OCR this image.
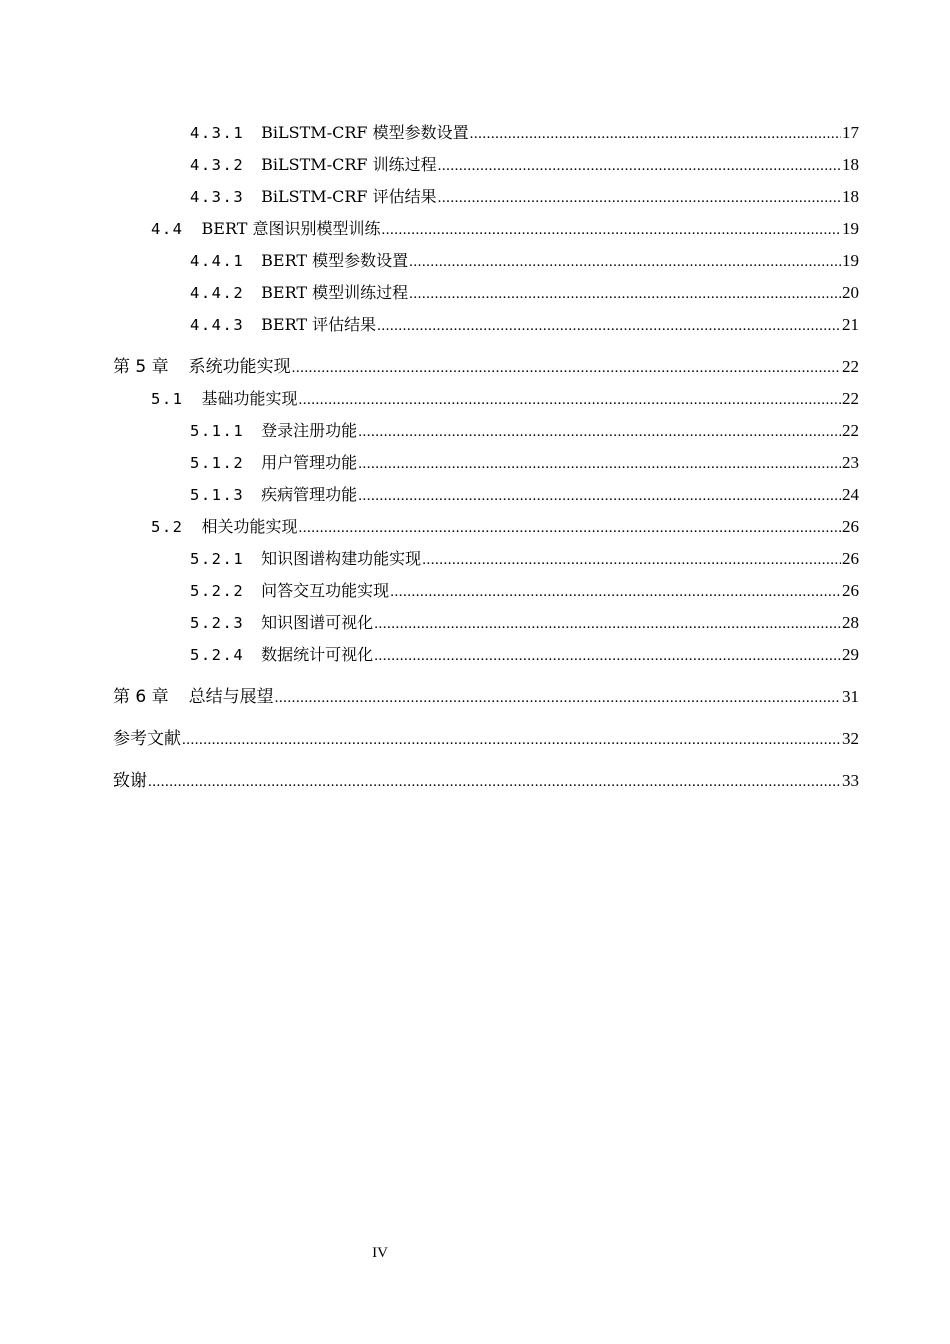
4.3.1 BiLSTM-CRF 模型参数设置 .....	17
4.3.2 BiLSTM-CRF 训练过程 .....	18
4.3.3 BiLSTM-CRF 评估结果 .....	18
4.4 BERT 意图识别模型训练 .....	19
4.4.1 BERT 模型参数设置 .....	19
4.4.2 BERT 模型训练过程 .....	20
4.4.3 BERT 评估结果 .....	21
第 5 章 系统功能实现 .....	22
5.1 基础功能实现 .....	22
5.1.1 登录注册功能 .....	22
5.1.2 用户管理功能 .....	23
5.1.3 疾病管理功能 .....	24
5.2 相关功能实现 .....	26
5.2.1 知识图谱构建功能实现 .....	26
5.2.2 问答交互功能实现 .....	26
5.2.3 知识图谱可视化 .....	28
5.2.4 数据统计可视化 .....	29
第 6 章 总结与展望 .....	31
参考文献 .....	32
致谢 .....	33
IV
